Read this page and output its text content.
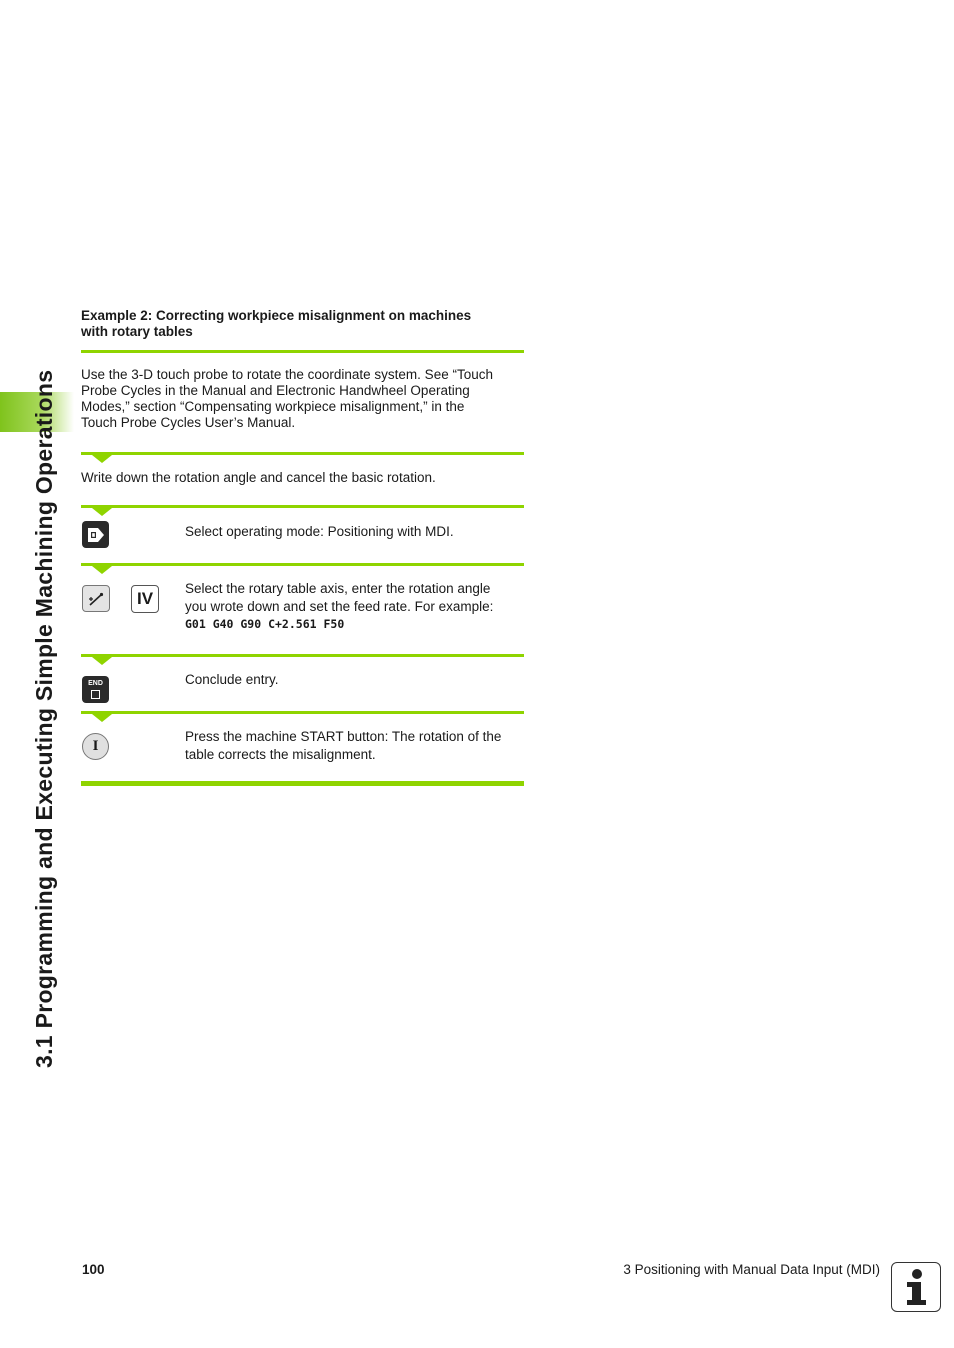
3.1 Programming and Executing Simple Machining Operations

Example 2: Correcting workpiece misalignment on machines
with rotary tables

Use the 3-D touch probe to rotate the coordinate system. See “Touch
Probe Cycles in the Manual and Electronic Handwheel Operating
Modes,” section “Compensating workpiece misalignment,” in the
Touch Probe Cycles User’s Manual.

Write down the rotation angle and cancel the basic rotation.

Select operating mode: Positioning with MDI.
IV
Select the rotary table axis, enter the rotation angle
you wrote down and set the feed rate. For example:
G01 G40 G90 C+2.561 F50
END	Conclude entry.
I
Press the machine START button: The rotation of the
table corrects the misalignment.
100	3 Positioning with Manual Data Input (MDI)
